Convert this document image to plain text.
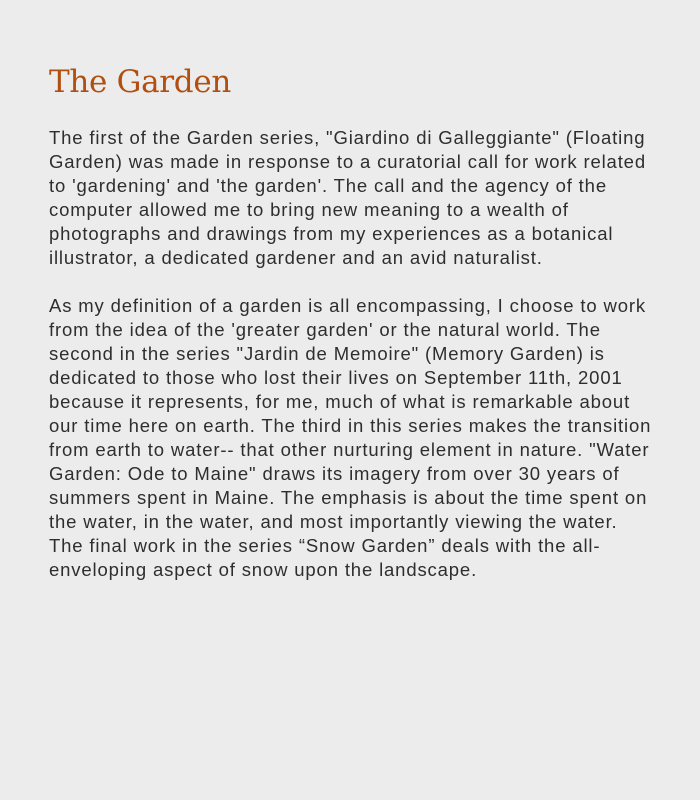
The Garden

The first of the Garden series, "Giardino di Galleggiante" (Floating Garden) was made in response to a curatorial call for work related to 'gardening' and 'the garden'. The call and the agency of the computer allowed me to bring new meaning to a wealth of photographs and drawings from my experiences as a botanical illustrator, a dedicated gardener and an avid naturalist.

As my definition of a garden is all encompassing, I choose to work from the idea of the 'greater garden' or the natural world. The second in the series "Jardin de Memoire" (Memory Garden) is dedicated to those who lost their lives on September 11th, 2001 because it represents, for me, much of what is remarkable about our time here on earth. The third in this series makes the transition from earth to water-- that other nurturing element in nature. "Water Garden: Ode to Maine" draws its imagery from over 30 years of summers spent in Maine. The emphasis is about the time spent on the water, in the water, and most importantly viewing the water. The final work in the series “Snow Garden” deals with the all-enveloping aspect of snow upon the landscape.
